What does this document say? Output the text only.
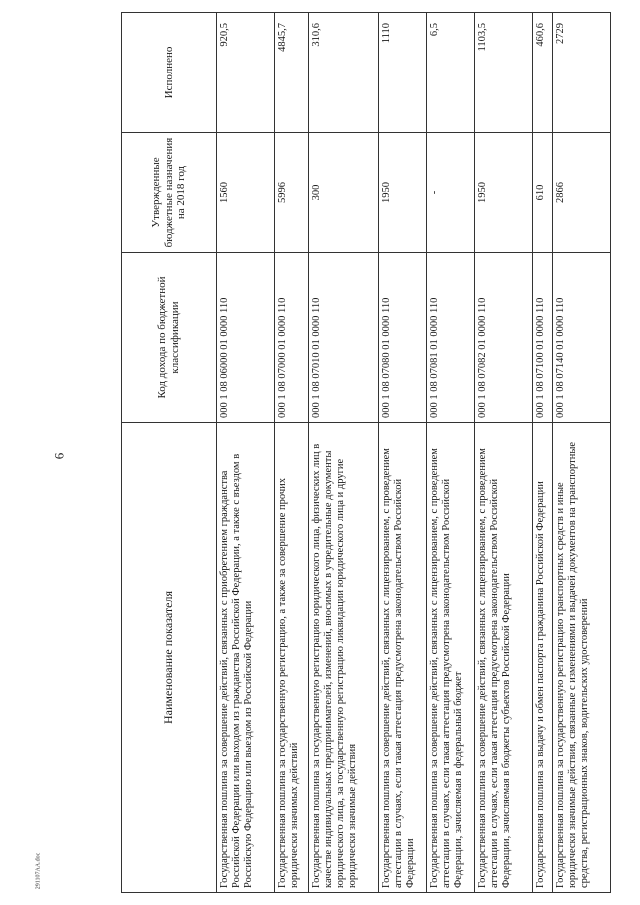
6
291107AA.doc
Наименование показателя	Код дохода по бюджетной классификации	Утвержденные бюджетные назначения на 2018 год	Исполнено
Государственная пошлина за совершение действий, связанных с приобретением гражданства Российской Федерации или выходом из гражданства Российской Федерации, а также с въездом в Российскую Федерацию или выездом из Российской Федерации	000 1 08 06000 01 0000 110	1560	920,5
Государственная пошлина за государственную регистрацию, а также за совершение прочих юридически значимых действий	000 1 08 07000 01 0000 110	5996	4845,7
Государственная пошлина за государственную регистрацию юридического лица, физических лиц в качестве индивидуальных предпринимателей, изменений, вносимых в учредительные документы юридического лица, за государственную регистрацию ликвидации юридического лица и другие юридически значимые действия	000 1 08 07010 01 0000 110	300	310,6
Государственная пошлина за совершение действий, связанных с лицензированием, с проведением аттестации в случаях, если такая аттестация предусмотрена законодательством Российской Федерации	000 1 08 07080 01 0000 110	1950	1110
Государственная пошлина за совершение действий, связанных с лицензированием, с проведением аттестации в случаях, если такая аттестация предусмотрена законодательством Российской Федерации, зачисляемая в федеральный бюджет	000 1 08 07081 01 0000 110	-	6,5
Государственная пошлина за совершение действий, связанных с лицензированием, с проведением аттестации в случаях, если такая аттестация предусмотрена законодательством Российской Федерации, зачисляемая в бюджеты субъектов Российской Федерации	000 1 08 07082 01 0000 110	1950	1103,5
Государственная пошлина за выдачу и обмен паспорта гражданина Российской Федерации	000 1 08 07100 01 0000 110	610	460,6
Государственная пошлина за государственную регистрацию транспортных средств и иные юридически значимые действия, связанные с изменениями и выдачей документов на транспортные средства, регистрационных знаков, водительских удостоверений	000 1 08 07140 01 0000 110	2866	2729
